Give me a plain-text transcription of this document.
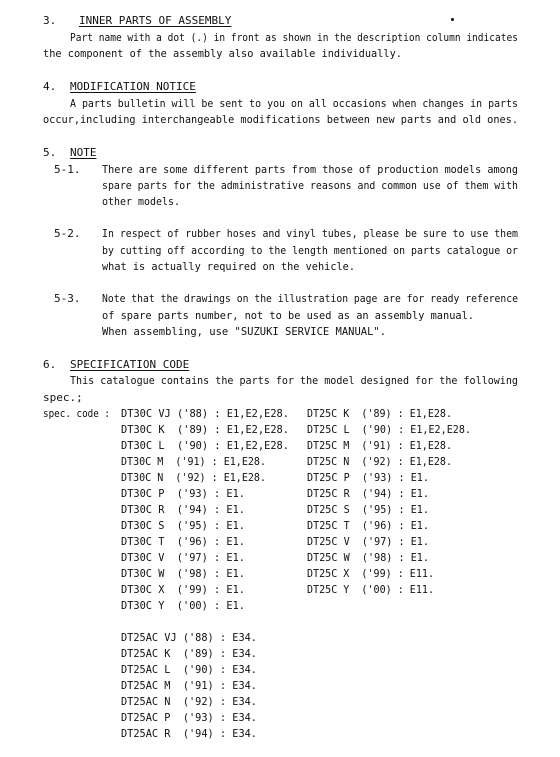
3. INNER PARTS OF ASSEMBLY
Part name with a dot (.) in front as shown in the description column indicates
the component of the assembly also available individually.
4. MODIFICATION NOTICE
A parts bulletin will be sent to you on all occasions when changes in parts
occur,including interchangeable modifications between new parts and old ones.
5. NOTE
5-1. There are some different parts from those of production models among
spare parts for the administrative reasons and common use of them with
other models.
5-2. In respect of rubber hoses and vinyl tubes, please be sure to use them
by cutting off according to the length mentioned on parts catalogue or
what is actually required on the vehicle.
5-3. Note that the drawings on the illustration page are for ready reference
of spare parts number, not to be used as an assembly manual.
When assembling, use "SUZUKI SERVICE MANUAL".
6. SPECIFICATION CODE
This catalogue contains the parts for the model designed for the following
spec.;
spec. code : DT30C VJ ('88) : E1,E2,E28.
DT30C K  ('89) : E1,E2,E28.
DT30C L  ('90) : E1,E2,E28.
DT30C M  ('91) : E1,E28.
DT30C N  ('92) : E1,E28.
DT30C P  ('93) : E1.
DT30C R  ('94) : E1.
DT30C S  ('95) : E1.
DT30C T  ('96) : E1.
DT30C V  ('97) : E1.
DT30C W  ('98) : E1.
DT30C X  ('99) : E1.
DT30C Y  ('00) : E1.
DT25C K  ('89) : E1,E28.
DT25C L  ('90) : E1,E2,E28.
DT25C M  ('91) : E1,E28.
DT25C N  ('92) : E1,E28.
DT25C P  ('93) : E1.
DT25C R  ('94) : E1.
DT25C S  ('95) : E1.
DT25C T  ('96) : E1.
DT25C V  ('97) : E1.
DT25C W  ('98) : E1.
DT25C X  ('99) : E11.
DT25C Y  ('00) : E11.
DT25AC VJ ('88) : E34.
DT25AC K  ('89) : E34.
DT25AC L  ('90) : E34.
DT25AC M  ('91) : E34.
DT25AC N  ('92) : E34.
DT25AC P  ('93) : E34.
DT25AC R  ('94) : E34.
